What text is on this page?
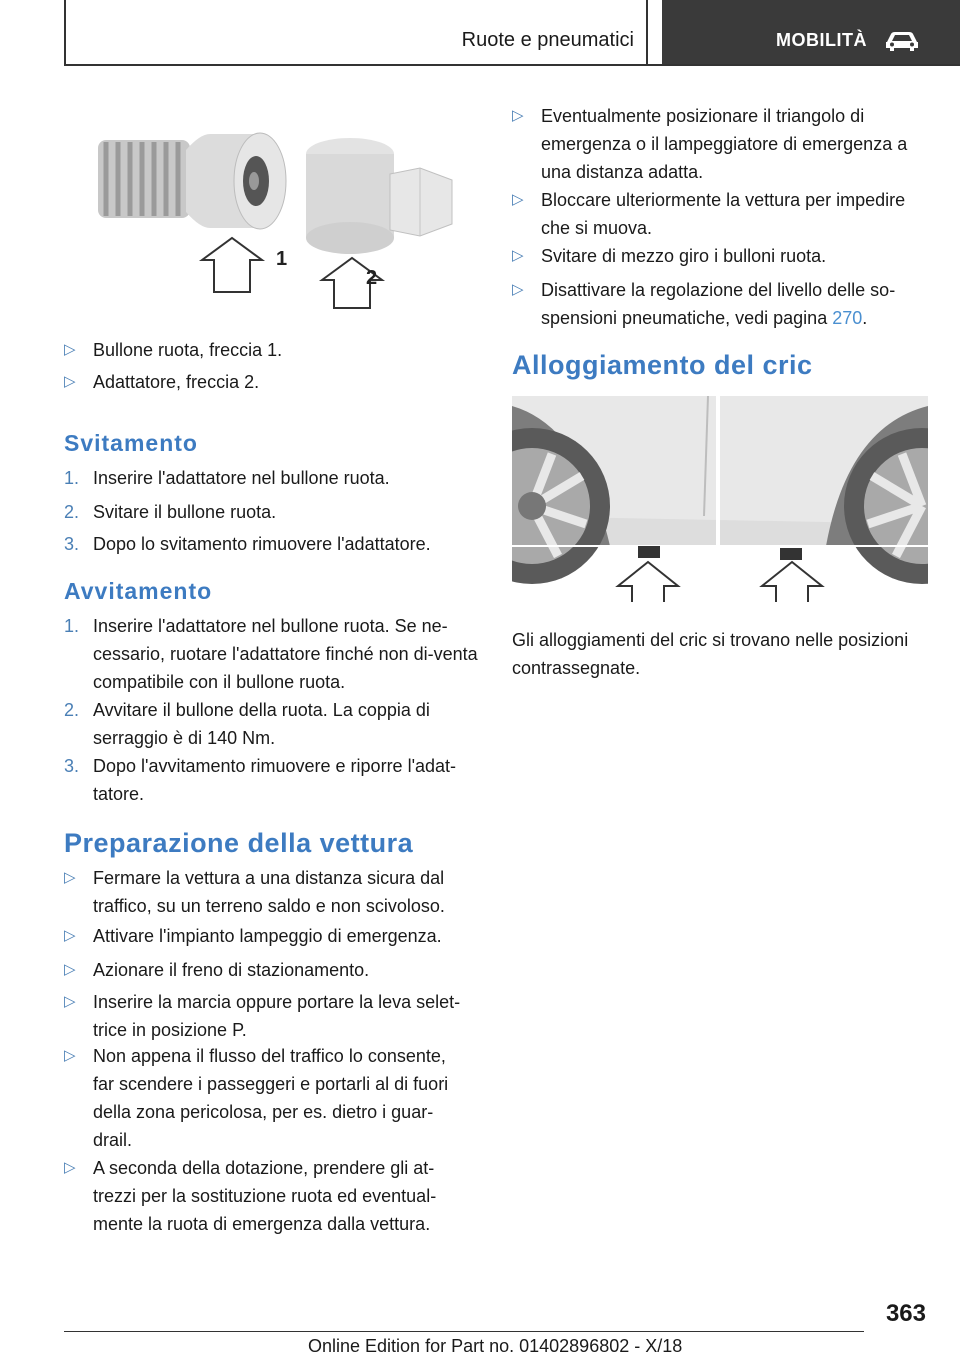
Ruote e pneumatici	MOBILITÀ
1
2
▷ Bullone ruota, freccia 1.
▷ Adattatore, freccia 2.
Svitamento
1. Inserire l'adattatore nel bullone ruota.
2. Svitare il bullone ruota.
3. Dopo lo svitamento rimuovere l'adattatore.
Avvitamento
1. Inserire l'adattatore nel bullone ruota. Se ne-cessario, ruotare l'adattatore finché non di-venta compatibile con il bullone ruota.
2. Avvitare il bullone della ruota. La coppia di serraggio è di 140 Nm.
3. Dopo l'avvitamento rimuovere e riporre l'adat-tatore.
Preparazione della vettura
▷ Fermare la vettura a una distanza sicura dal traffico, su un terreno saldo e non scivoloso.
▷ Attivare l'impianto lampeggio di emergenza.
▷ Azionare il freno di stazionamento.
▷ Inserire la marcia oppure portare la leva selet-trice in posizione P.
▷ Non appena il flusso del traffico lo consente, far scendere i passeggeri e portarli al di fuori della zona pericolosa, per es. dietro i guar-drail.
▷ A seconda della dotazione, prendere gli at-trezzi per la sostituzione ruota ed eventual-mente la ruota di emergenza dalla vettura.
▷ Eventualmente posizionare il triangolo di emergenza o il lampeggiatore di emergenza a una distanza adatta.
▷ Bloccare ulteriormente la vettura per impedire che si muova.
▷ Svitare di mezzo giro i bulloni ruota.
▷ Disattivare la regolazione del livello delle so-spensioni pneumatiche, vedi pagina 270.
Alloggiamento del cric
Gli alloggiamenti del cric si trovano nelle posizioni contrassegnate.
363
Online Edition for Part no. 01402896802 - X/18
